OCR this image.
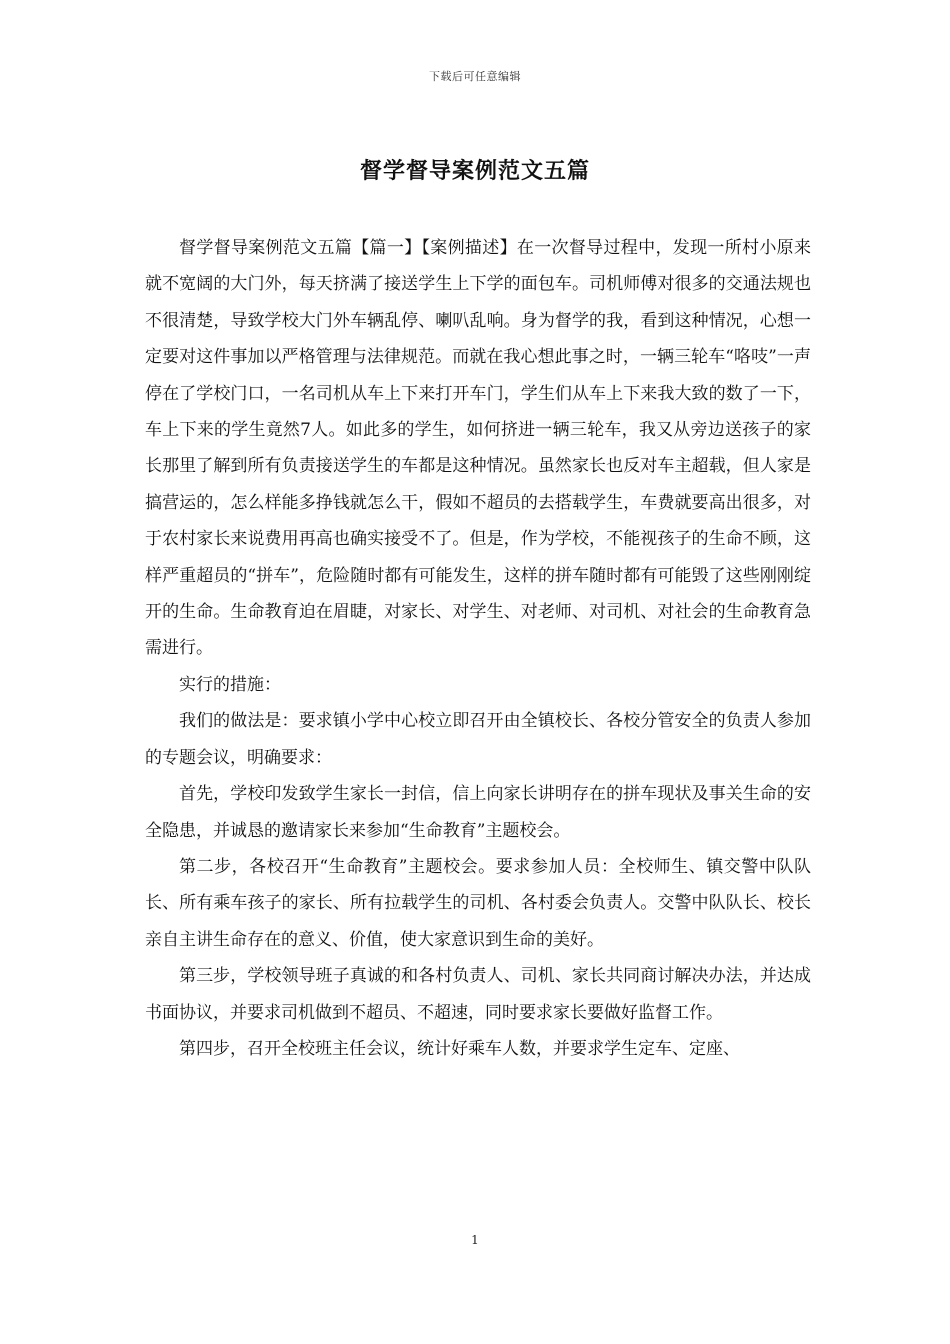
下载后可任意编辑
督学督导案例范文五篇

督学督导案例范文五篇【篇一】【案例描述】在一次督导过程中，发现一所村小原来就不宽阔的大门外，每天挤满了接送学生上下学的面包车。司机师傅对很多的交通法规也不很清楚，导致学校大门外车辆乱停、喇叭乱响。身为督学的我，看到这种情况，心想一定要对这件事加以严格管理与法律规范。而就在我心想此事之时，一辆三轮车“咯吱”一声停在了学校门口，一名司机从车上下来打开车门，学生们从车上下来我大致的数了一下，车上下来的学生竟然7人。如此多的学生，如何挤进一辆三轮车，我又从旁边送孩子的家长那里了解到所有负责接送学生的车都是这种情况。虽然家长也反对车主超载，但人家是搞营运的，怎么样能多挣钱就怎么干，假如不超员的去搭载学生，车费就要高出很多，对于农村家长来说费用再高也确实接受不了。但是，作为学校，不能视孩子的生命不顾，这样严重超员的“拼车”，危险随时都有可能发生，这样的拼车随时都有可能毁了这些刚刚绽开的生命。生命教育迫在眉睫，对家长、对学生、对老师、对司机、对社会的生命教育急需进行。

实行的措施：

我们的做法是：要求镇小学中心校立即召开由全镇校长、各校分管安全的负责人参加的专题会议，明确要求：

首先，学校印发致学生家长一封信，信上向家长讲明存在的拼车现状及事关生命的安全隐患，并诚恳的邀请家长来参加“生命教育”主题校会。

第二步，各校召开“生命教育”主题校会。要求参加人员：全校师生、镇交警中队队长、所有乘车孩子的家长、所有拉载学生的司机、各村委会负责人。交警中队队长、校长亲自主讲生命存在的意义、价值，使大家意识到生命的美好。

第三步，学校领导班子真诚的和各村负责人、司机、家长共同商讨解决办法，并达成书面协议，并要求司机做到不超员、不超速，同时要求家长要做好监督工作。

第四步，召开全校班主任会议，统计好乘车人数，并要求学生定车、定座、

1
